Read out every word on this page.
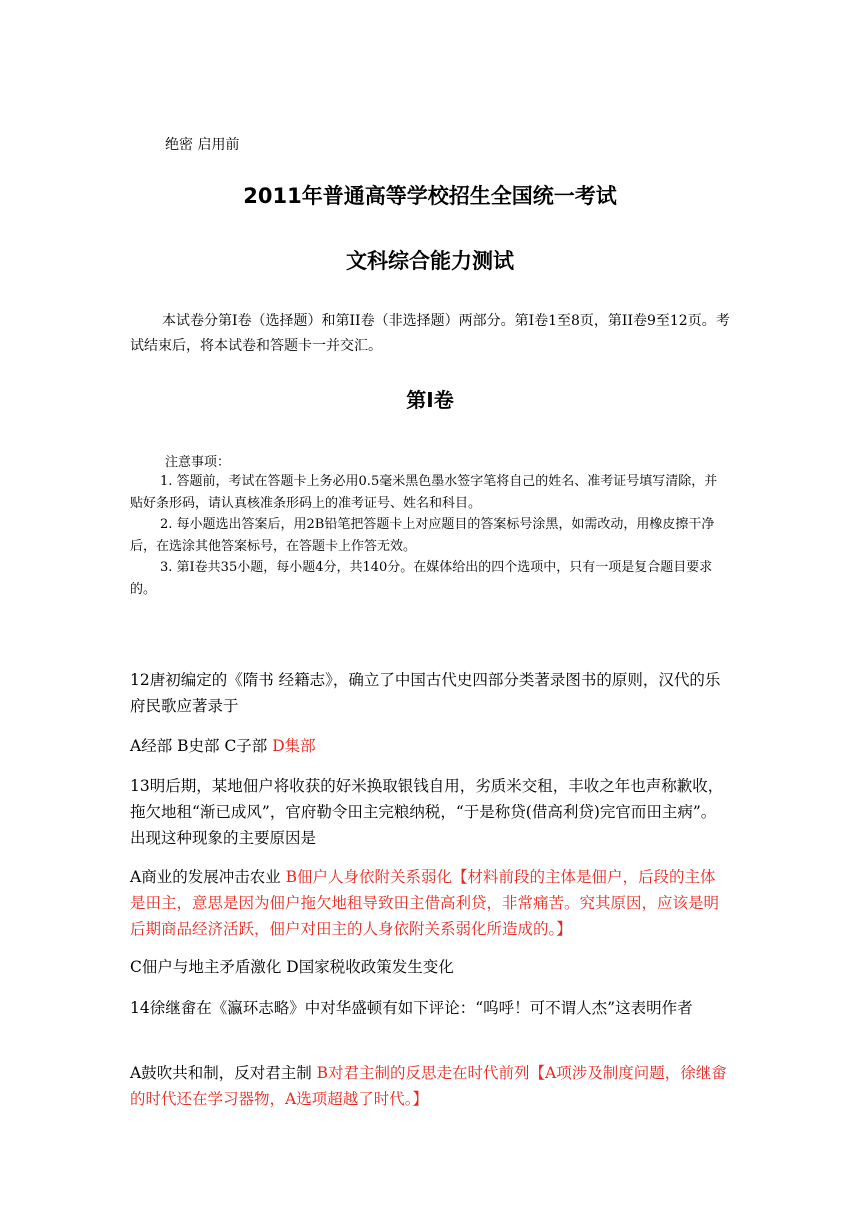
绝密 启用前
2011年普通高等学校招生全国统一考试
文科综合能力测试
本试卷分第Ⅰ卷（选择题）和第II卷（非选择题）两部分。第Ⅰ卷1至8页，第II卷9至12页。考试结束后，将本试卷和答题卡一并交汇。
第Ⅰ卷
注意事项：

1. 答题前，考试在答题卡上务必用0.5毫米黑色墨水签字笔将自己的姓名、准考证号填写清除，并贴好条形码，请认真核准条形码上的准考证号、姓名和科目。

2. 每小题选出答案后，用2B铅笔把答题卡上对应题目的答案标号涂黑，如需改动，用橡皮擦干净后，在选涂其他答案标号，在答题卡上作答无效。

3. 第Ⅰ卷共35小题，每小题4分，共140分。在媒体给出的四个选项中，只有一项是复合题目要求的。

12唐初编定的《隋书 经籍志》，确立了中国古代史四部分类著录图书的原则，汉代的乐府民歌应著录于

A经部 B史部 C子部 D集部

13明后期，某地佃户将收获的好米换取银钱自用，劣质米交租，丰收之年也声称歉收，拖欠地租“渐已成风”，官府勒令田主完粮纳税，“于是称贷(借高利贷)完官而田主病”。出现这种现象的主要原因是

A商业的发展冲击农业 B佃户人身依附关系弱化【材料前段的主体是佃户，后段的主体是田主，意思是因为佃户拖欠地租导致田主借高利贷，非常痛苦。究其原因，应该是明后期商品经济活跃，佃户对田主的人身依附关系弱化所造成的。】

C佃户与地主矛盾激化 D国家税收政策发生变化

14徐继畲在《瀛环志略》中对华盛顿有如下评论：“呜呼！可不谓人杰”这表明作者

A鼓吹共和制，反对君主制 B对君主制的反思走在时代前列【A项涉及制度问题，徐继畲的时代还在学习器物，A选项超越了时代。】
